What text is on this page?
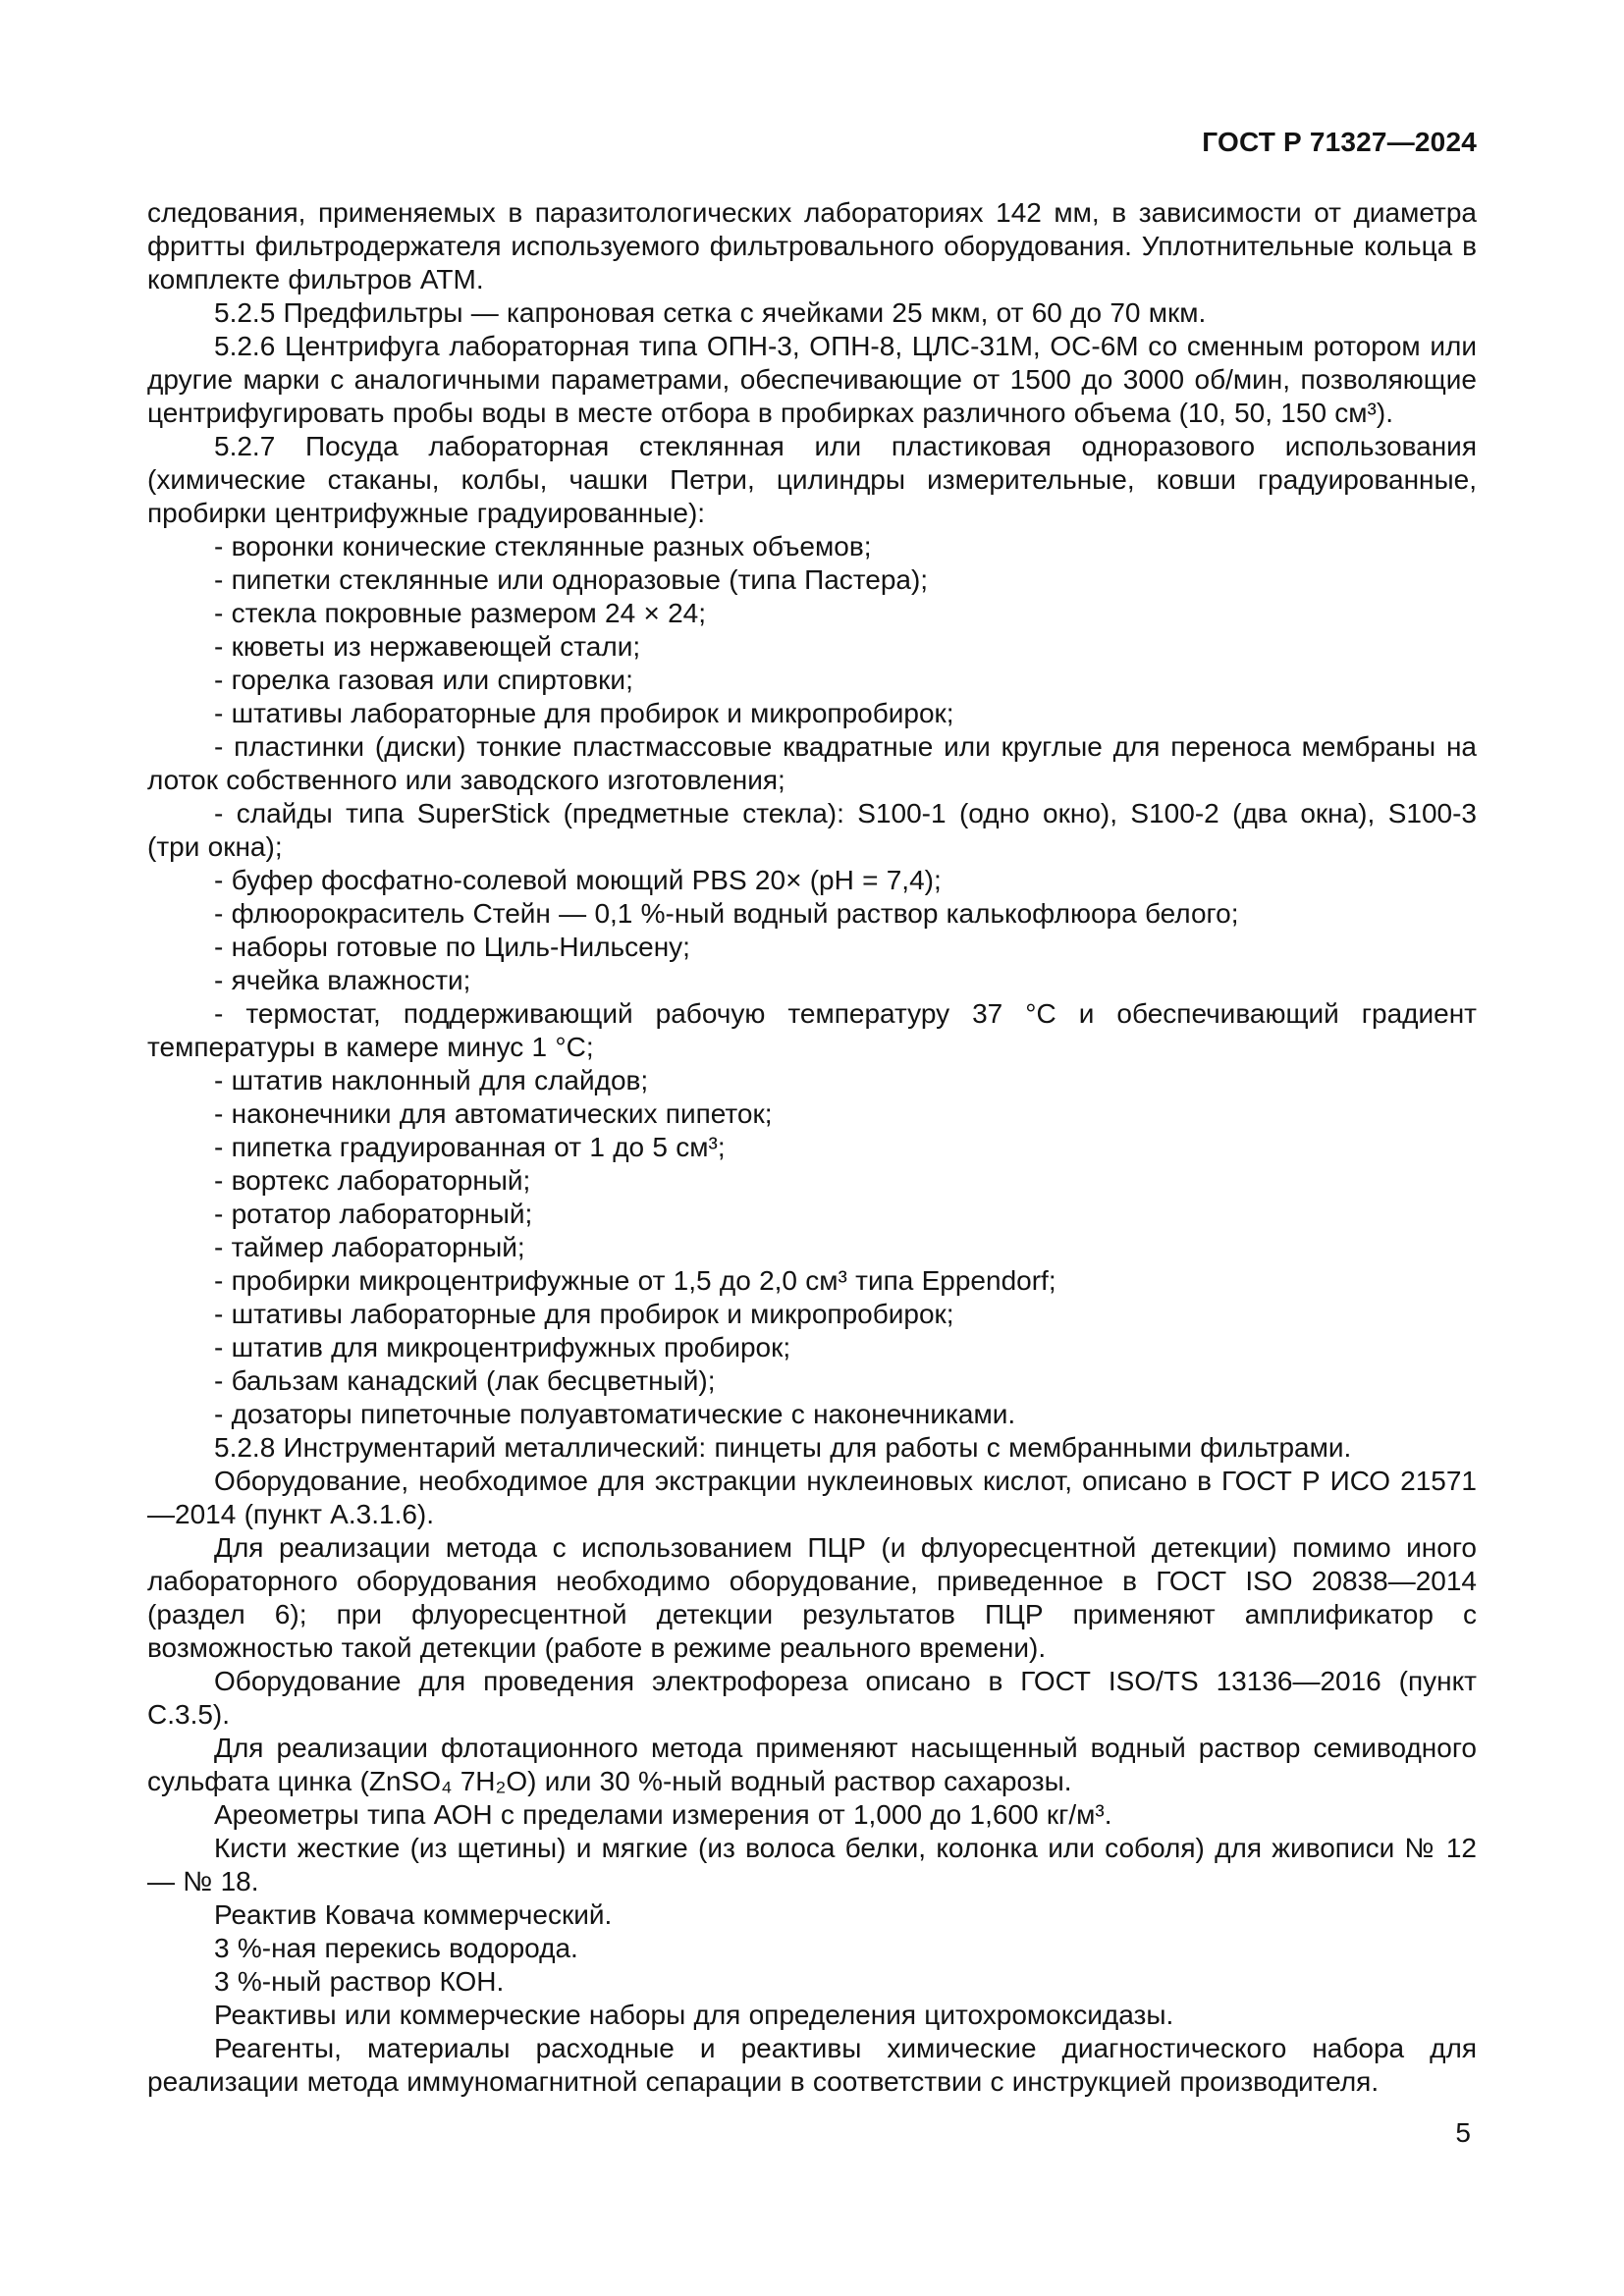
ГОСТ Р 71327—2024

следования, применяемых в паразитологических лабораториях 142 мм, в зависимости от диаметра фритты фильтродержателя используемого фильтровального оборудования. Уплотнительные кольца в комплекте фильтров АТМ.

5.2.5 Предфильтры — капроновая сетка с ячейками 25 мкм, от 60 до 70 мкм.

5.2.6 Центрифуга лабораторная типа ОПН-3, ОПН-8, ЦЛС-31М, ОС-6М со сменным ротором или другие марки с аналогичными параметрами, обеспечивающие от 1500 до 3000 об/мин, позволяющие центрифугировать пробы воды в месте отбора в пробирках различного объема (10, 50, 150 см³).

5.2.7 Посуда лабораторная стеклянная или пластиковая одноразового использования (химические стаканы, колбы, чашки Петри, цилиндры измерительные, ковши градуированные, пробирки центрифужные градуированные):

- воронки конические стеклянные разных объемов;

- пипетки стеклянные или одноразовые (типа Пастера);

- стекла покровные размером 24 × 24;

- кюветы из нержавеющей стали;

- горелка газовая или спиртовки;

- штативы лабораторные для пробирок и микропробирок;

- пластинки (диски) тонкие пластмассовые квадратные или круглые для переноса мембраны на лоток собственного или заводского изготовления;

- слайды типа SuperStick (предметные стекла): S100-1 (одно окно), S100-2 (два окна), S100-3 (три окна);

- буфер фосфатно-солевой моющий PBS 20× (pH = 7,4);

- флюорокраситель Стейн — 0,1 %-ный водный раствор калькофлюора белого;

- наборы готовые по Циль-Нильсену;

- ячейка влажности;

- термостат, поддерживающий рабочую температуру 37 °С и обеспечивающий градиент температуры в камере минус 1 °С;

- штатив наклонный для слайдов;

- наконечники для автоматических пипеток;

- пипетка градуированная от 1 до 5 см³;

- вортекс лабораторный;

- ротатор лабораторный;

- таймер лабораторный;

- пробирки микроцентрифужные от 1,5 до 2,0 см³ типа Eppendorf;

- штативы лабораторные для пробирок и микропробирок;

- штатив для микроцентрифужных пробирок;

- бальзам канадский (лак бесцветный);

- дозаторы пипеточные полуавтоматические с наконечниками.

5.2.8 Инструментарий металлический: пинцеты для работы с мембранными фильтрами.

Оборудование, необходимое для экстракции нуклеиновых кислот, описано в ГОСТ Р ИСО 21571—2014 (пункт А.3.1.6).

Для реализации метода с использованием ПЦР (и флуоресцентной детекции) помимо иного лабораторного оборудования необходимо оборудование, приведенное в ГОСТ ISO 20838—2014 (раздел 6); при флуоресцентной детекции результатов ПЦР применяют амплификатор с возможностью такой детекции (работе в режиме реального времени).

Оборудование для проведения электрофореза описано в ГОСТ ISO/TS 13136—2016 (пункт С.3.5).

Для реализации флотационного метода применяют насыщенный водный раствор семиводного сульфата цинка (ZnSO₄ 7H₂O) или 30 %-ный водный раствор сахарозы.

Ареометры типа АОН с пределами измерения от 1,000 до 1,600 кг/м³.

Кисти жесткие (из щетины) и мягкие (из волоса белки, колонка или соболя) для живописи № 12 — № 18.

Реактив Ковача коммерческий.

3 %-ная перекись водорода.

3 %-ный раствор КОН.

Реактивы или коммерческие наборы для определения цитохромоксидазы.

Реагенты, материалы расходные и реактивы химические диагностического набора для реализации метода иммуномагнитной сепарации в соответствии с инструкцией производителя.

5
